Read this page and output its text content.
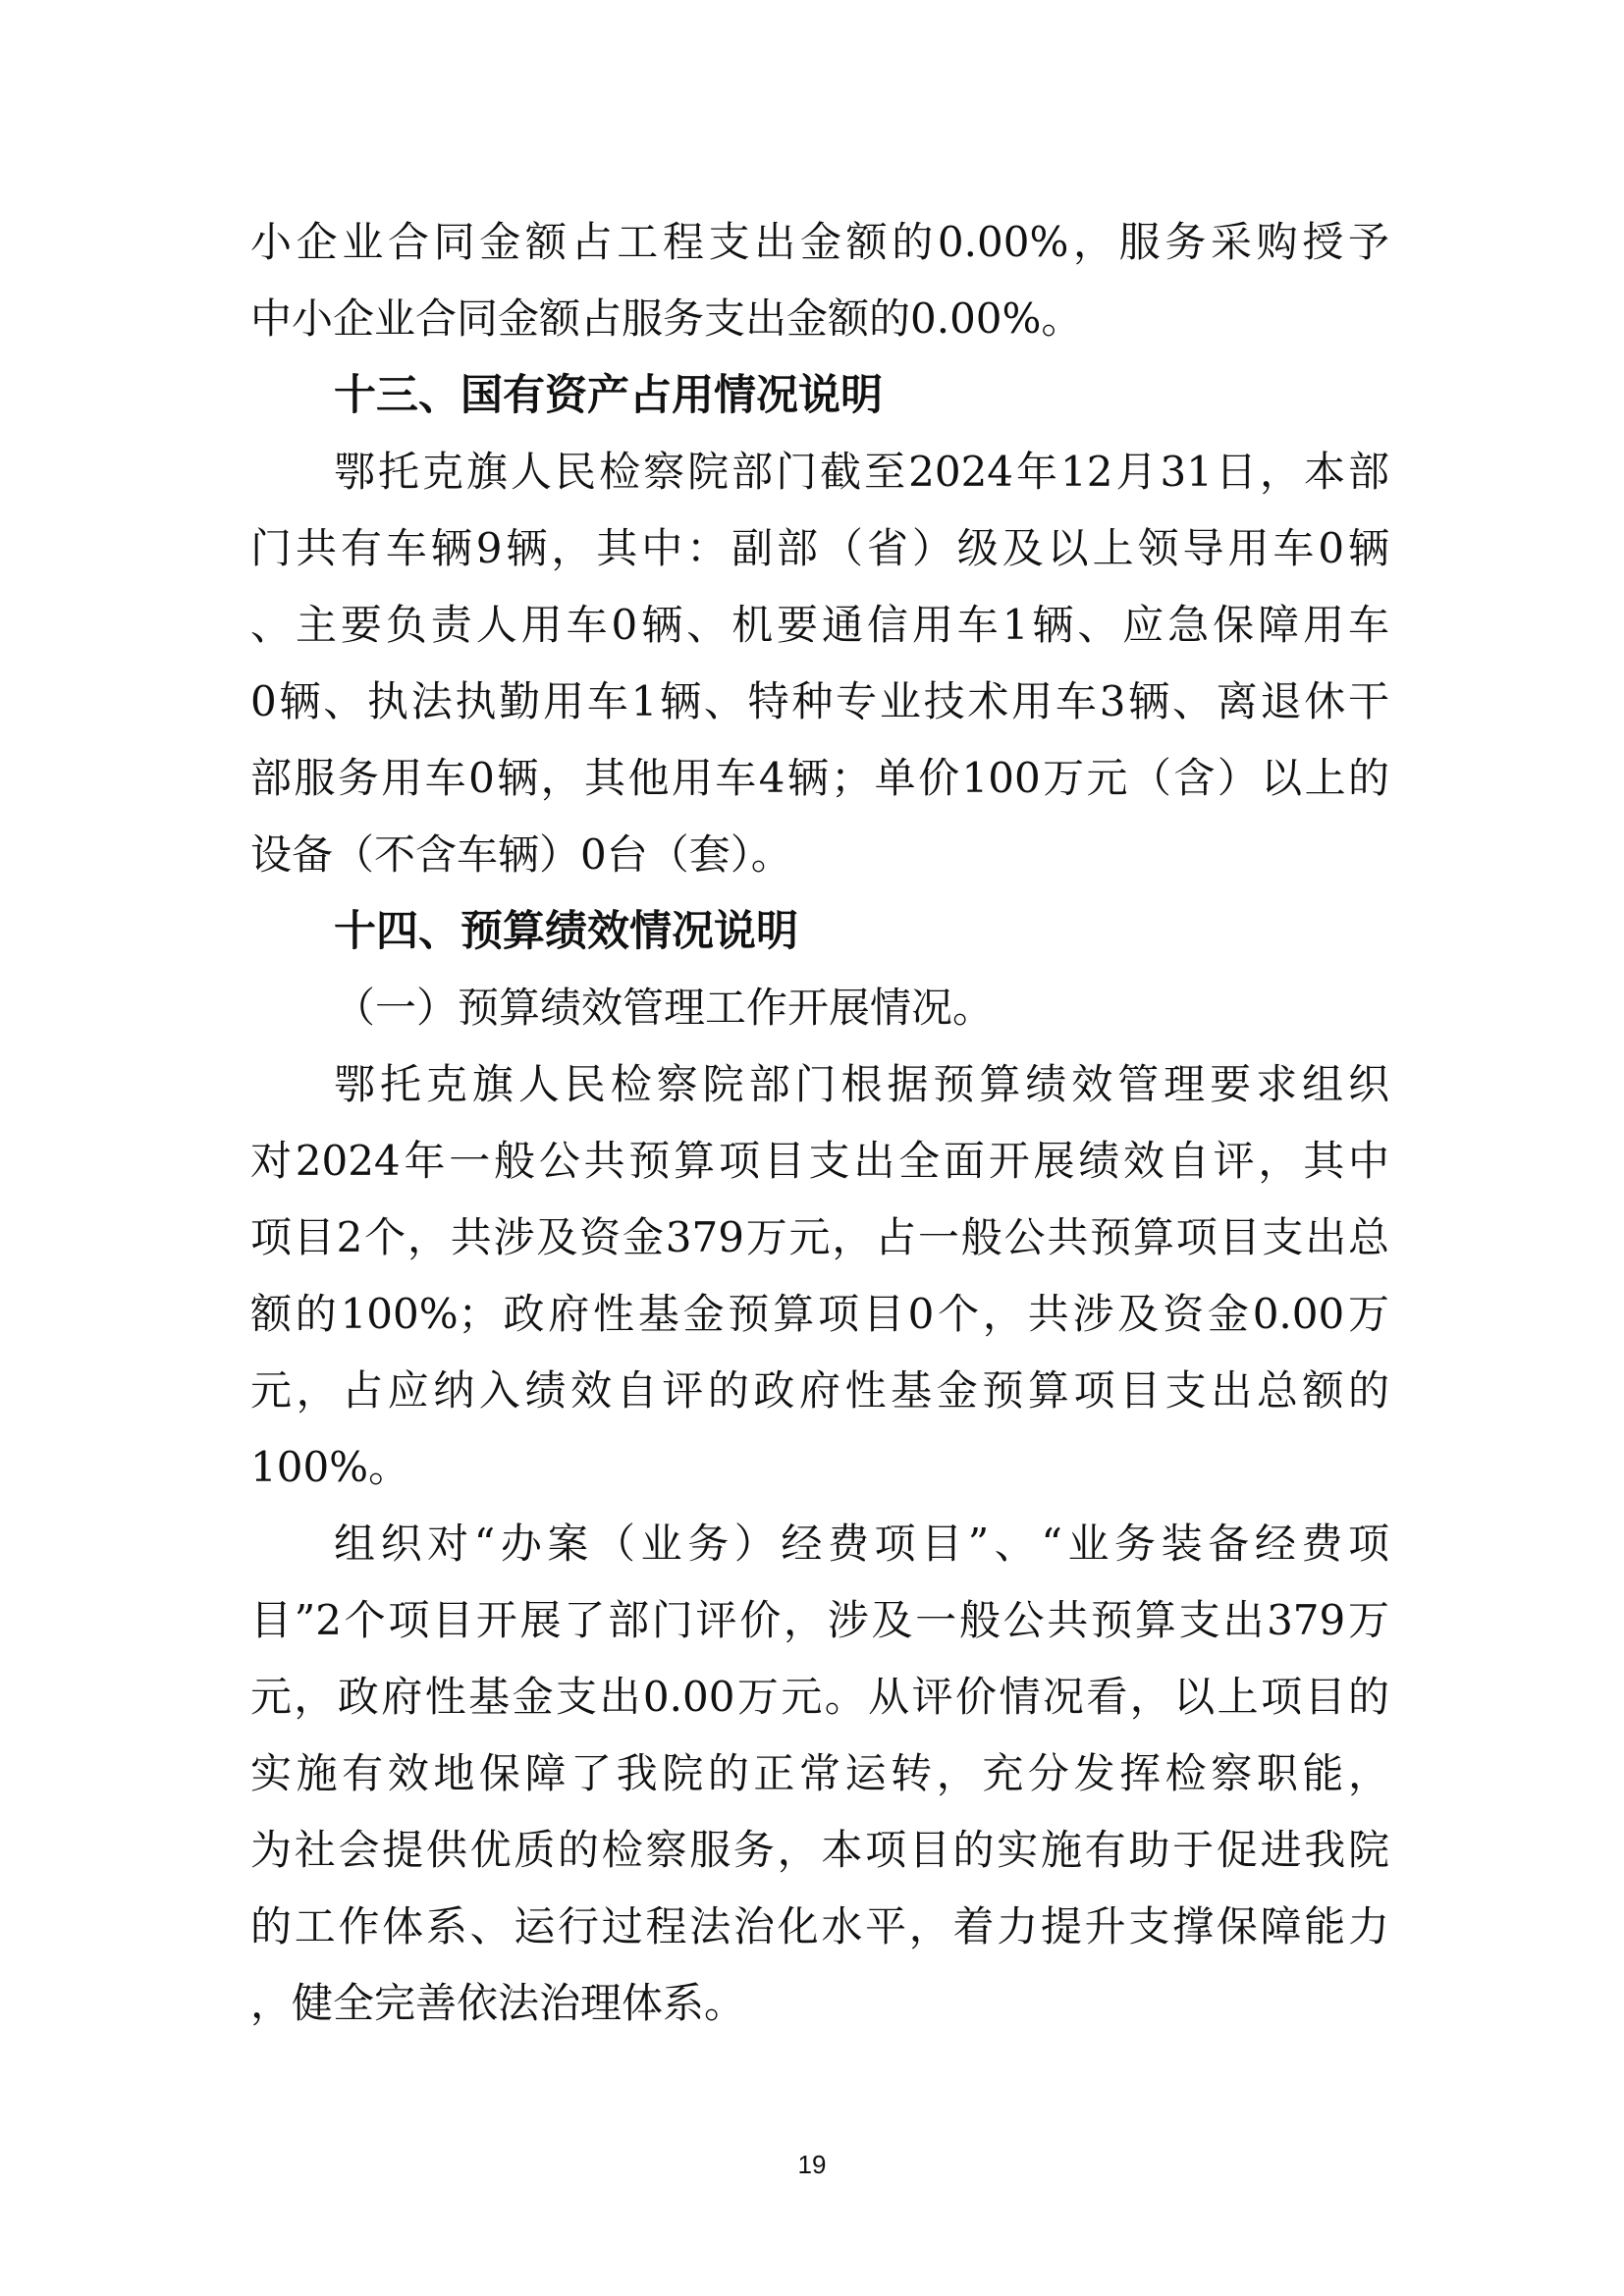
小企业合同金额占工程支出金额的0.00%，服务采购授予
中小企业合同金额占服务支出金额的0.00%。
十三、国有资产占用情况说明
鄂托克旗人民检察院部门截至2024年12月31日，本部
门共有车辆9辆，其中：副部（省）级及以上领导用车0辆
、主要负责人用车0辆、机要通信用车1辆、应急保障用车
0辆、执法执勤用车1辆、特种专业技术用车3辆、离退休干
部服务用车0辆，其他用车4辆；单价100万元（含）以上的
设备（不含车辆）0台（套）。
十四、预算绩效情况说明
（一）预算绩效管理工作开展情况。
鄂托克旗人民检察院部门根据预算绩效管理要求组织
对2024年一般公共预算项目支出全面开展绩效自评，其中
项目2个，共涉及资金379万元，占一般公共预算项目支出总
额的100%；政府性基金预算项目0个，共涉及资金0.00万
元，占应纳入绩效自评的政府性基金预算项目支出总额的
100%。
组织对“办案（业务）经费项目”、“业务装备经费项
目”2个项目开展了部门评价，涉及一般公共预算支出379万
元，政府性基金支出0.00万元。从评价情况看，以上项目的
实施有效地保障了我院的正常运转，充分发挥检察职能，
为社会提供优质的检察服务，本项目的实施有助于促进我院
的工作体系、运行过程法治化水平，着力提升支撑保障能力
，健全完善依法治理体系。
19
